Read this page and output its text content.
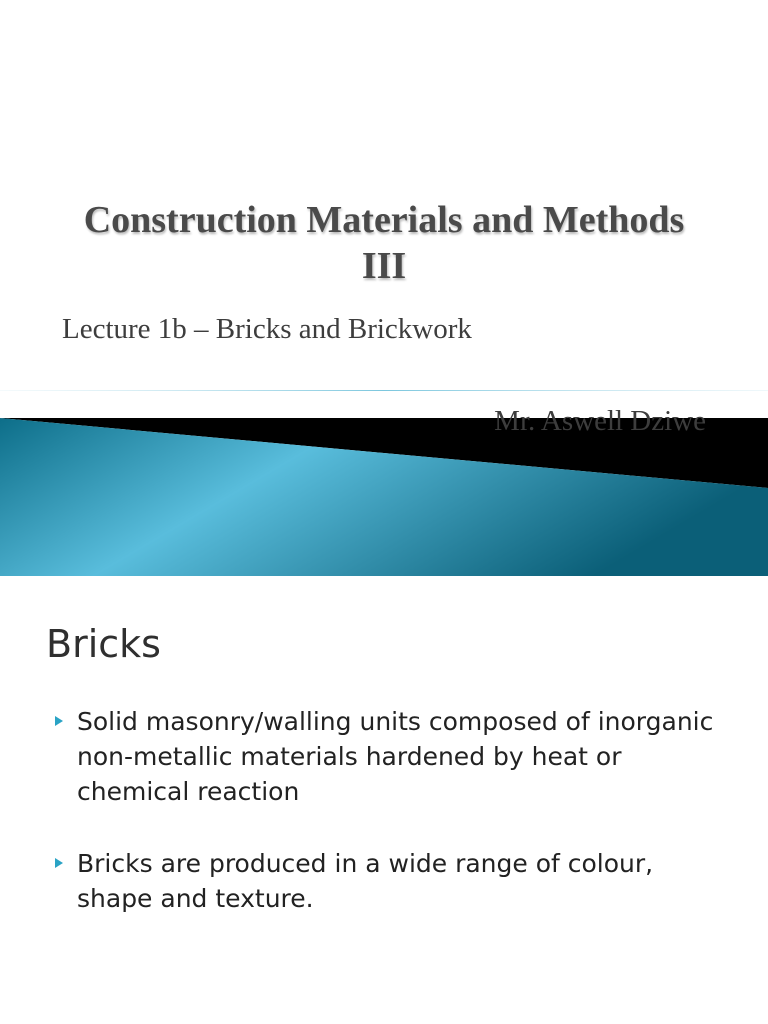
Construction Materials and Methods III

Lecture 1b – Bricks and Brickwork

Mr. Aswell Dziwe

Bricks
Solid masonry/walling units composed of inorganic non-metallic materials hardened by heat or chemical reaction
Bricks are produced in a wide range of colour, shape and texture.
